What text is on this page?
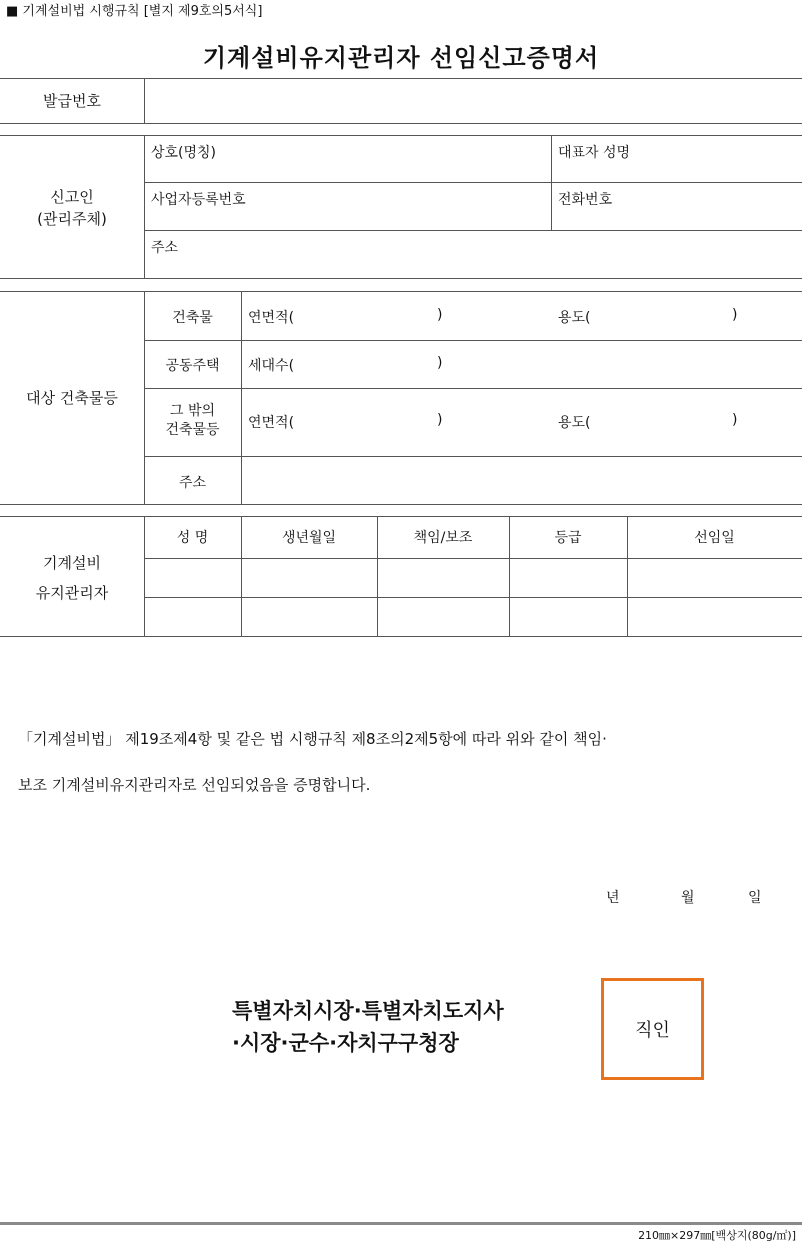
■ 기계설비법 시행규칙 [별지 제9호의5서식]
기계설비유지관리자 선임신고증명서
발급번호
신고인
(관리주체)
상호(명칭)	대표자 성명
사업자등록번호	전화번호
주소
대상 건축물등
건축물	연면적(	)	용도(	)
공동주택	세대수(	)
그 밖의
건축물등	연면적(	)	용도(	)
주소
기계설비
유지관리자
성 명	생년월일	책임/보조	등급	선임일
「기계설비법」 제19조제4항 및 같은 법 시행규칙 제8조의2제5항에 따라 위와 같이 책임·
보조 기계설비유지관리자로 선임되었음을 증명합니다.
년	월	일
특별자치시장·특별자치도지사
·시장·군수·자치구구청장
직인
210㎜×297㎜[백상지(80g/㎡)]
